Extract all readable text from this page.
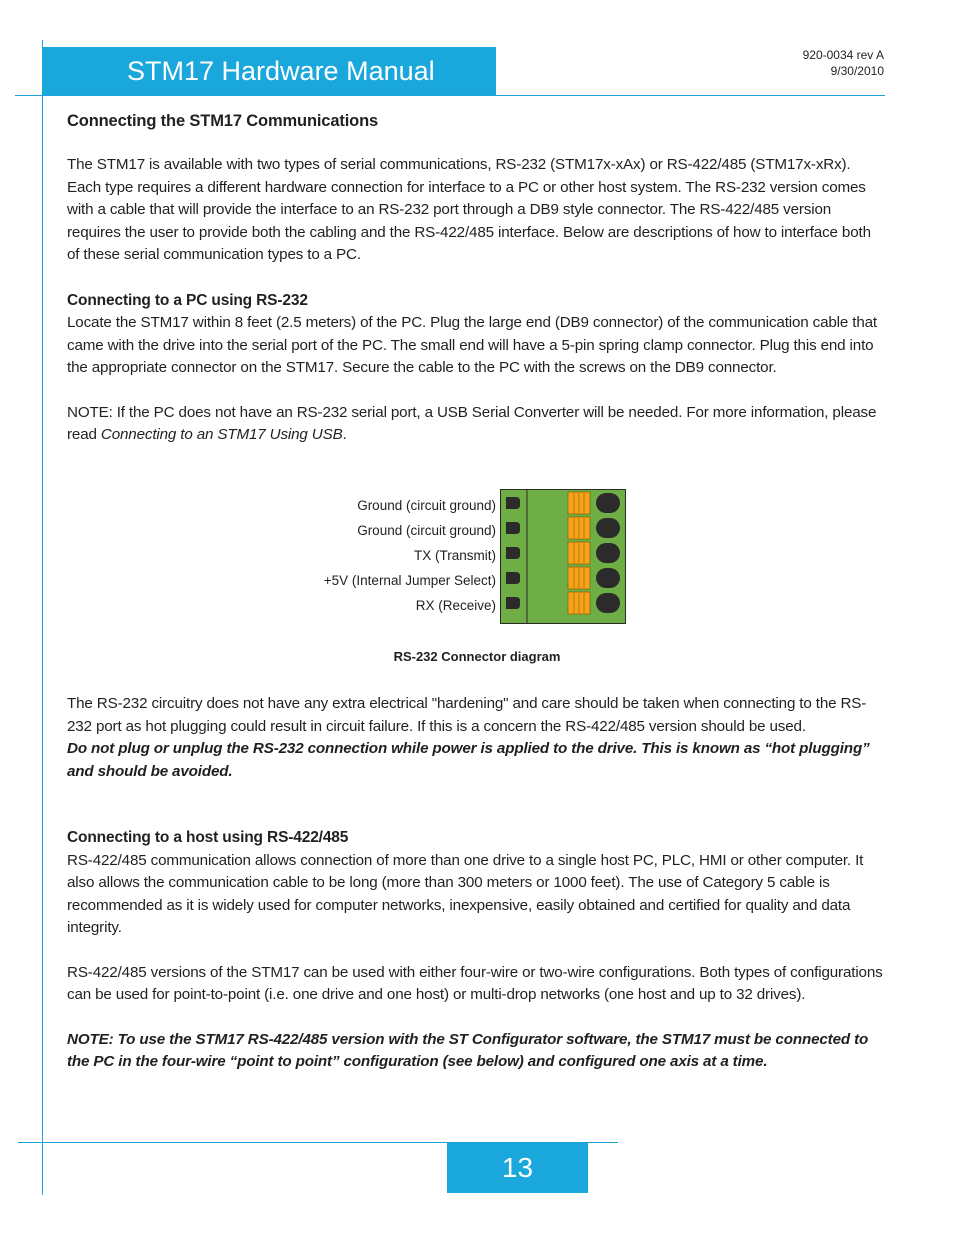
STM17 Hardware Manual
920-0034 rev A
9/30/2010
Connecting the STM17 Communications

The STM17 is available with two types of serial communications, RS-232 (STM17x-xAx) or RS-422/485 (STM17x-xRx). Each type requires a different hardware connection for interface to a PC or other host system. The RS-232 version comes with a cable that will provide the interface to an RS-232 port through a DB9 style connector. The RS-422/485 version requires the user to provide both the cabling and the RS-422/485 interface. Below are descriptions of how to interface both of these serial communication types to a PC.

Connecting to a PC using RS-232

Locate the STM17 within 8 feet (2.5 meters) of the PC. Plug the large end (DB9 connector) of the communication cable that came with the drive into the serial port of the PC. The small end will have a 5-pin spring clamp connector. Plug this end into the appropriate connector on the STM17. Secure the cable to the PC with the screws on the DB9 connector.

NOTE: If the PC does not have an RS-232 serial port, a USB Serial Converter will be needed. For more information, please read Connecting to an STM17 Using USB.

Ground (circuit ground)
Ground (circuit ground)
TX (Transmit)
+5V (Internal Jumper Select)
RX (Receive)
RS-232 Connector diagram

The RS-232 circuitry does not have any extra electrical "hardening" and care should be taken when connecting to the RS-232 port as hot plugging could result in circuit failure. If this is a concern the RS-422/485 version should be used.

Do not plug or unplug the RS-232 connection while power is applied to the drive. This is known as “hot plugging” and should be avoided.

Connecting to a host using RS-422/485

RS-422/485 communication allows connection of more than one drive to a single host PC, PLC, HMI or other computer. It also allows the communication cable to be long (more than 300 meters or 1000 feet). The use of Category 5 cable is recommended as it is widely used for computer networks, inexpensive, easily obtained and certified for quality and data integrity.

RS-422/485 versions of the STM17 can be used with either four-wire or two-wire configurations. Both types of configurations can be used for point-to-point (i.e. one drive and one host) or multi-drop networks (one host and up to 32 drives).

NOTE: To use the STM17 RS-422/485 version with the ST Configurator software, the STM17 must be connected to the PC in the four-wire “point to point” configuration (see below) and configured one axis at a time.

13
